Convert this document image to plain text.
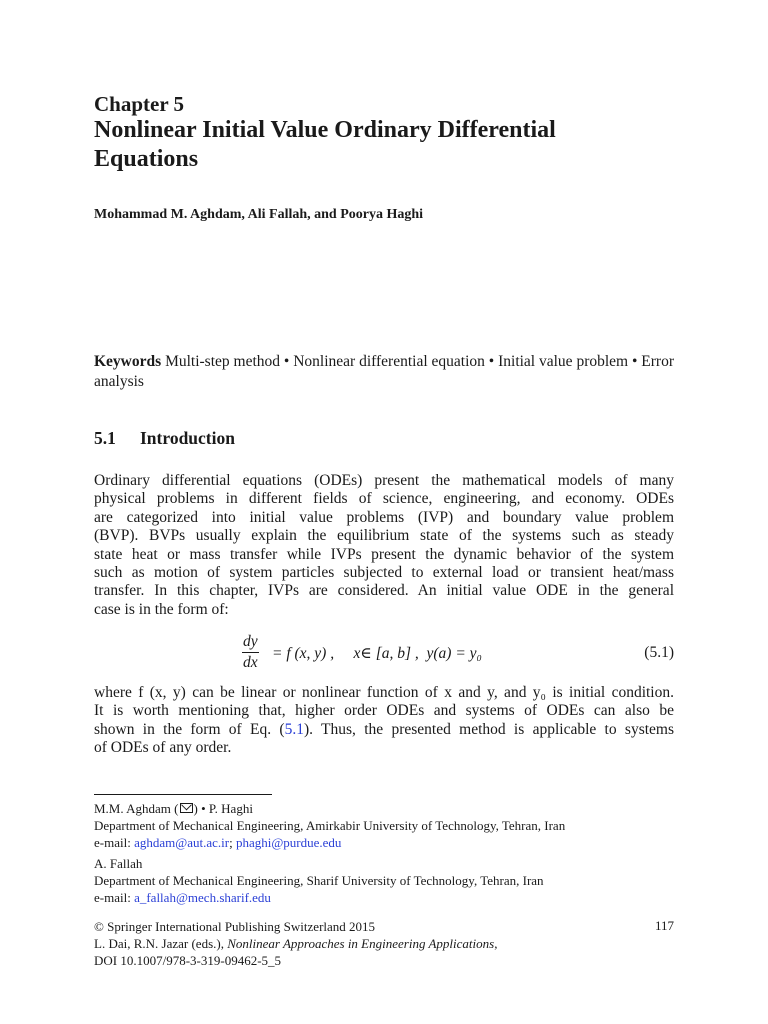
Chapter 5
Nonlinear Initial Value Ordinary Differential
Equations
Mohammad M. Aghdam, Ali Fallah, and Poorya Haghi
Keywords Multi-step method • Nonlinear differential equation • Initial value problem • Error analysis
5.1 Introduction
Ordinary differential equations (ODEs) present the mathematical models of many
physical problems in different fields of science, engineering, and economy. ODEs
are categorized into initial value problems (IVP) and boundary value problem
(BVP). BVPs usually explain the equilibrium state of the systems such as steady
state heat or mass transfer while IVPs present the dynamic behavior of the system
such as motion of system particles subjected to external load or transient heat/mass
transfer. In this chapter, IVPs are considered. An initial value ODE in the general
case is in the form of:
$\frac{dy}{dx} = f$ (x, y) ,     x∈ [a, b] ,  y(a) = y₀	(5.1)
where f (x, y) can be linear or nonlinear function of x and y, and y₀ is initial condition.
It is worth mentioning that, higher order ODEs and systems of ODEs can also be
shown in the form of Eq. (5.1). Thus, the presented method is applicable to systems
of ODEs of any order.
M.M. Aghdam ( ) • P. Haghi
Department of Mechanical Engineering, Amirkabir University of Technology, Tehran, Iran
e-mail: aghdam@aut.ac.ir; phaghi@purdue.edu
A. Fallah
Department of Mechanical Engineering, Sharif University of Technology, Tehran, Iran
e-mail: a_fallah@mech.sharif.edu
© Springer International Publishing Switzerland 2015
L. Dai, R.N. Jazar (eds.), Nonlinear Approaches in Engineering Applications,
DOI 10.1007/978-3-319-09462-5_5
117
